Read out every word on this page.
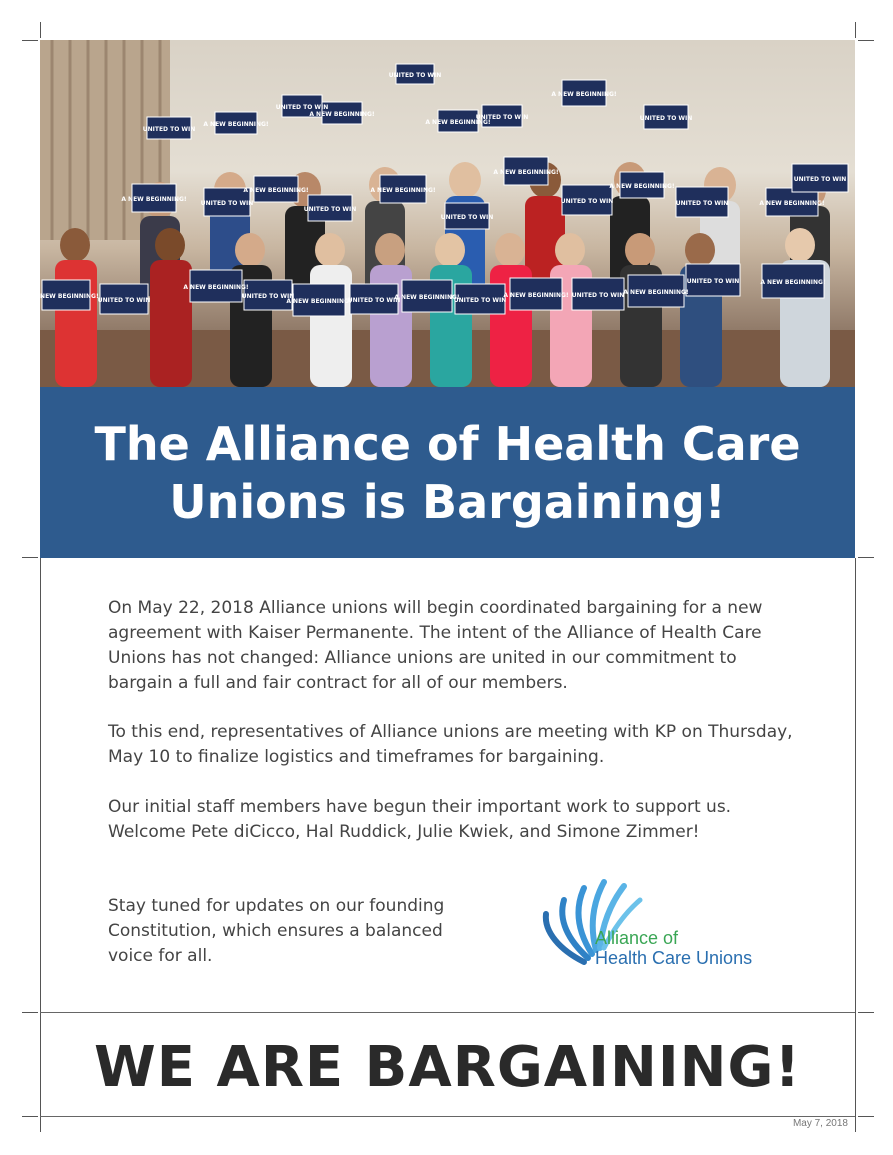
UNITED TO WIN
A NEW BEGINNING!
UNITED TO WIN
A NEW BEGINNING!
UNITED TO WIN
A NEW BEGINNING!
UNITED TO WIN
A NEW BEGINNING!
UNITED TO WIN
A NEW BEGINNING!
UNITED TO WIN
A NEW BEGINNING!
UNITED TO WIN
A NEW BEGINNING!
UNITED TO WIN
A NEW BEGINNING!
UNITED TO WIN
A NEW BEGINNING!
UNITED TO WIN	A NEW BEGINNING!
UNITED TO WIN
A NEW BEGINNING!
UNITED TO WIN
A NEW BEGINNING!
UNITED TO WIN
A NEW BEGINNING!
UNITED TO WIN
A NEW BEGINNING!
UNITED TO WIN
A NEW BEGINNING! UNITED TO WIN A NEW BEGINNING!
UNITED TO WIN	A NEW BEGINNING!
The Alliance of Health Care Unions is Bargaining!

On May 22, 2018 Alliance unions will begin coordinated bargaining for a new agreement with Kaiser Permanente. The intent of the Alliance of Health Care Unions has not changed: Alliance unions are united in our commitment to bargain a full and fair contract for all of our members.

To this end, representatives of Alliance unions are meeting with KP on Thursday, May 10 to finalize logistics and timeframes for bargaining.

Our initial staff members have begun their important work to support us. Welcome Pete diCicco, Hal Ruddick, Julie Kwiek, and Simone Zimmer!

Stay tuned for updates on our founding Constitution, which ensures a balanced voice for all.

Alliance of
Health Care Unions
WE ARE BARGAINING!
May 7, 2018
